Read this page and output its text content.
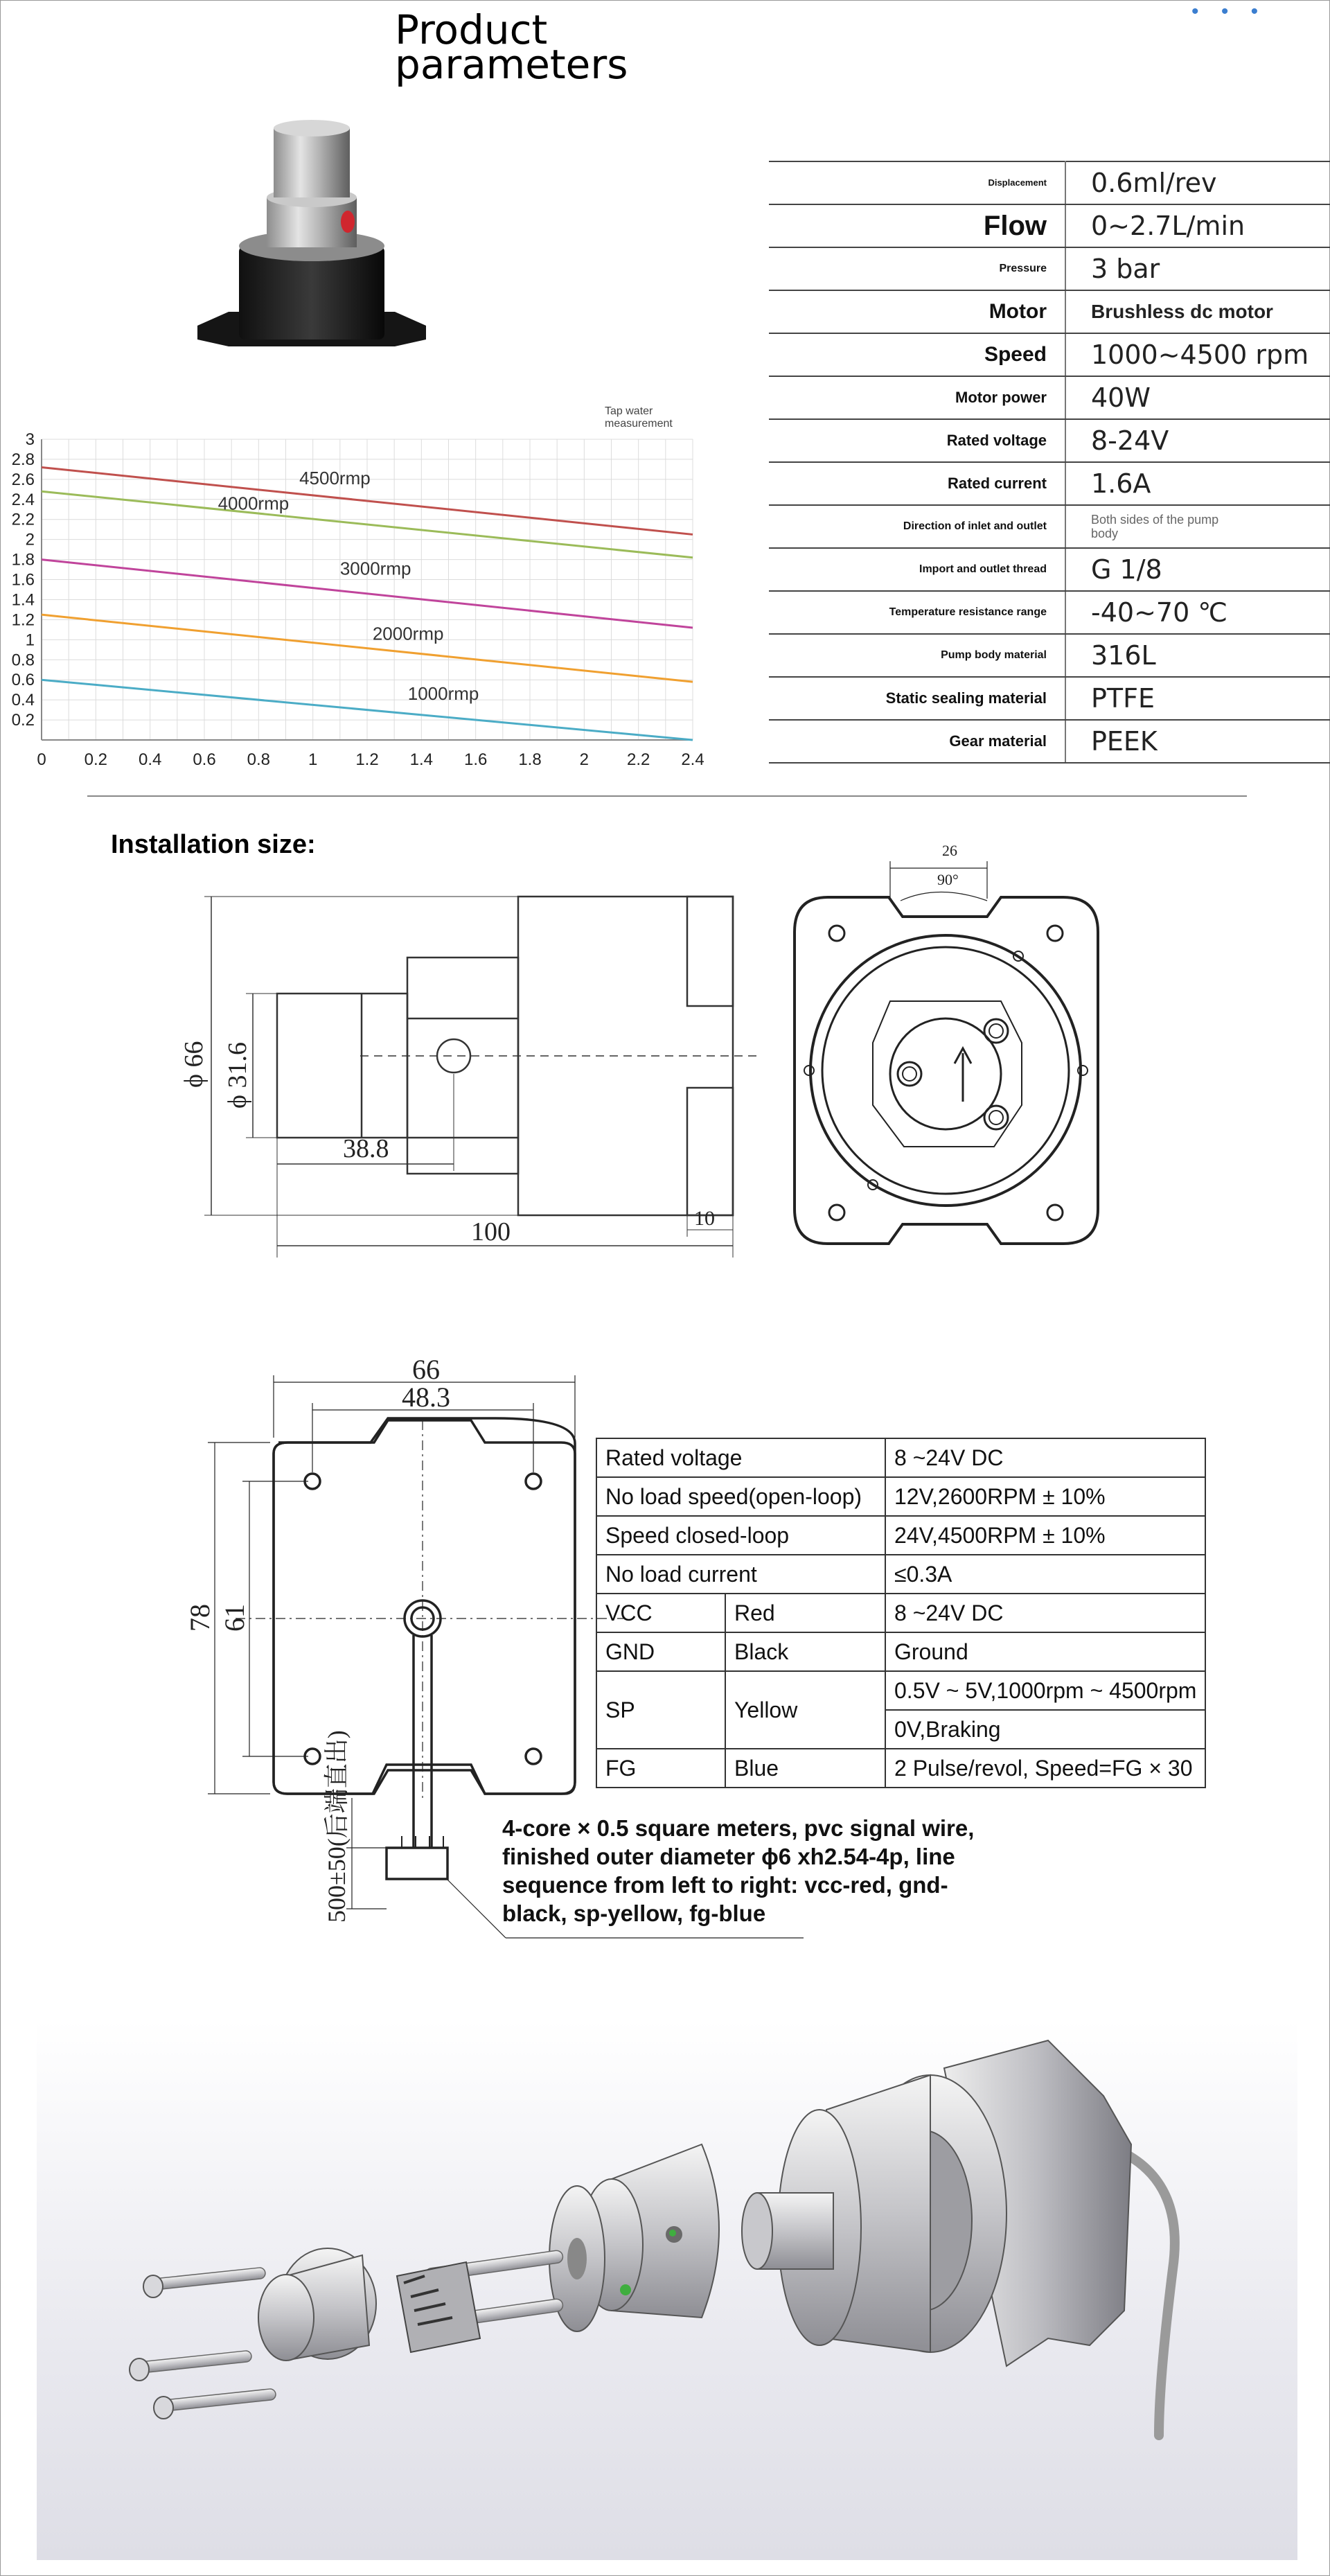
Product
parameters
• • •
0.2
0.4
0.6
0.8
1
1.2
1.4
1.6
1.8
2
2.2
2.4
2.6
2.8
3
0 0.2 0.4 0.6 0.8 1 1.2 1.4 1.6 1.8 2 2.2 2.4
4500rmp
4000rmp
3000rmp
2000rmp
1000rmp
Tap water
measurement
Displacement	0.6ml/rev
Flow	0~2.7L/min
Pressure	3 bar
Motor	Brushless dc motor
Speed	1000~4500 rpm
Motor power	40W
Rated voltage	8-24V
Rated current	1.6A
Direction of inlet and outlet	Both sides of the pump body
Import and outlet thread	G 1/8
Temperature resistance range	-40~70 ℃
Pump body material	316L
Static sealing material	PTFE
Gear material	PEEK
Installation size:
ϕ 66 ϕ 31.6
38.8
100	10
26
90°
66
48.3
78 61
500±50(后端直出)
Rated voltage		8 ~24V DC
No load speed(open-loop)		12V,2600RPM ± 10%
Speed closed-loop		24V,4500RPM ± 10%
No load current		≤0.3A
VCC	Red	8 ~24V DC
GND	Black	Ground
SP	Yellow	0.5V ~ 5V,1000rpm ~ 4500rpm
		0V,Braking
FG	Blue	2 Pulse/revol, Speed=FG × 30
4-core × 0.5 square meters, pvc signal wire, finished outer diameter ϕ6 xh2.54-4p, line sequence from left to right: vcc-red, gnd-black, sp-yellow, fg-blue
